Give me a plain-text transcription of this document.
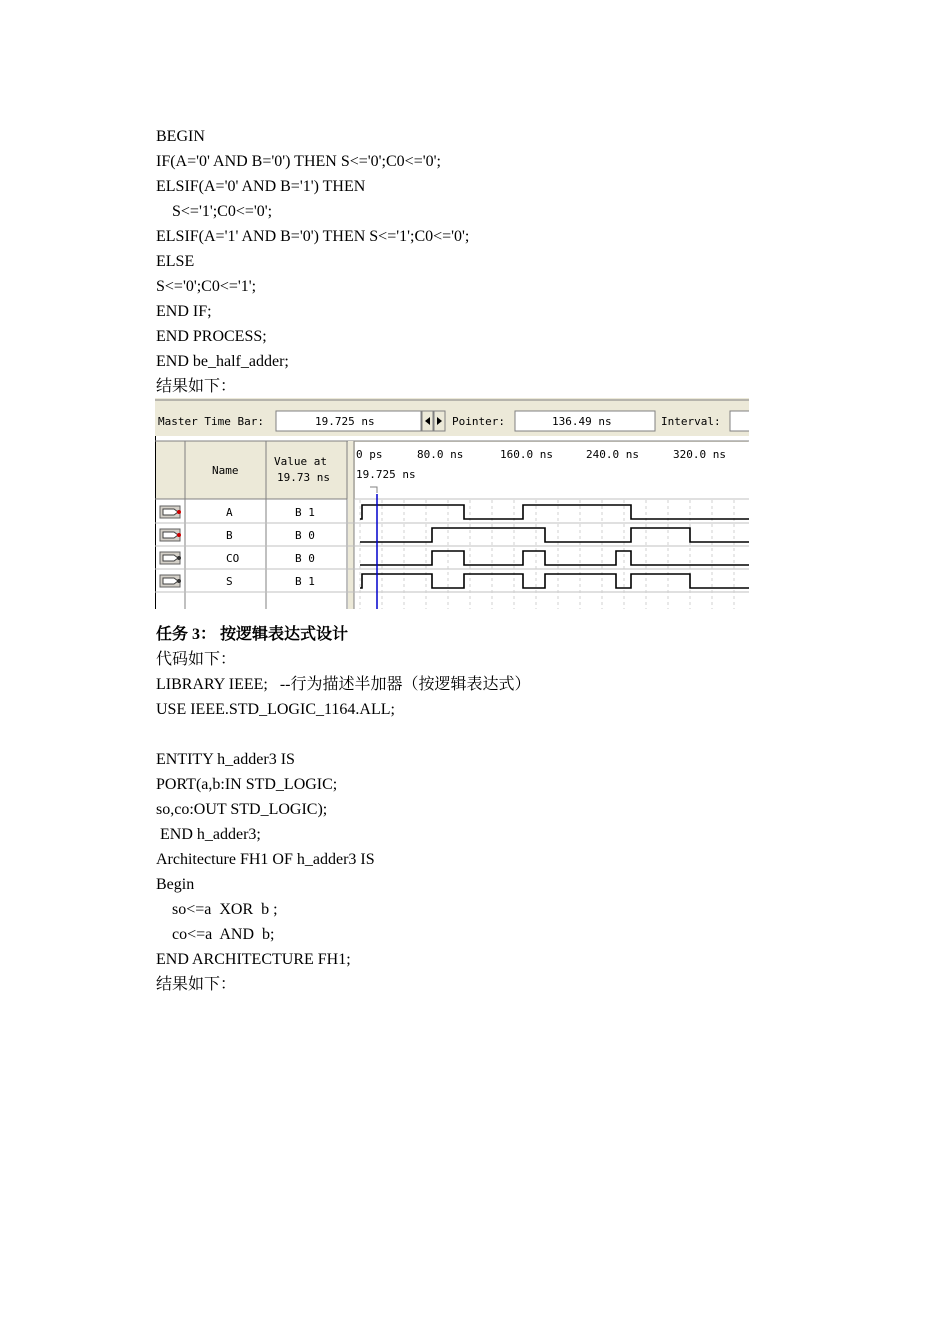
BEGIN
IF(A='0' AND B='0') THEN S<='0';C0<='0';
ELSIF(A='0' AND B='1') THEN
S<='1';C0<='0';
ELSIF(A='1' AND B='0') THEN S<='1';C0<='0';
ELSE
S<='0';C0<='1';
END IF;
END PROCESS;
END be_half_adder;
结果如下：
Master Time Bar:	19.725 ns	Pointer:	136.49 ns	Interval:
Name
Value at
19.73 ns
0 ps	80.0 ns	160.0 ns	240.0 ns	320.0 ns
19.725 ns
A	B 1
B	B 0
CO	B 0
S	B 1
任务 3： 按逻辑表达式设计
代码如下：
LIBRARY IEEE;   --行为描述半加器（按逻辑表达式）
USE IEEE.STD_LOGIC_1164.ALL;
ENTITY h_adder3 IS
PORT(a,b:IN STD_LOGIC;
so,co:OUT STD_LOGIC);
END h_adder3;
Architecture FH1 OF h_adder3 IS
Begin
so<=a  XOR  b ;
co<=a  AND  b;
END ARCHITECTURE FH1;
结果如下：
